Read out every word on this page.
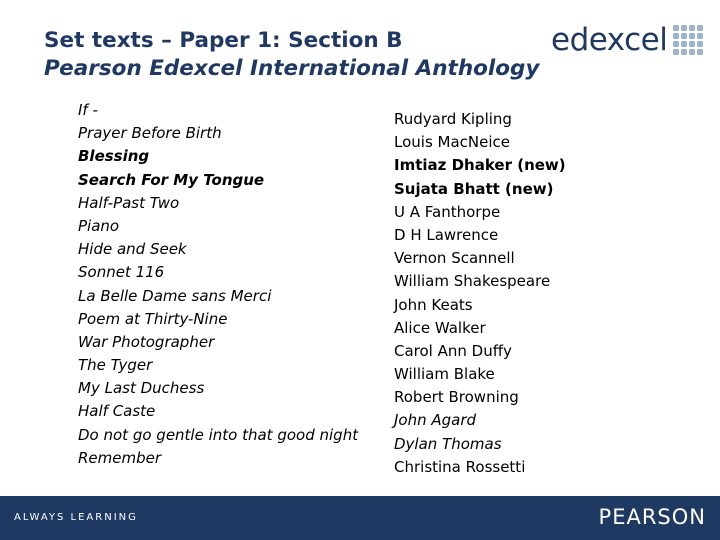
Set texts – Paper 1: Section B
Pearson Edexcel International Anthology
edexcel
If -
Prayer Before Birth
Blessing
Search For My Tongue
Half-Past Two
Piano
Hide and Seek
Sonnet 116
La Belle Dame sans Merci
Poem at Thirty-Nine
War Photographer
The Tyger
My Last Duchess
Half Caste
Do not go gentle into that good night
Remember
Rudyard Kipling
Louis MacNeice
Imtiaz Dhaker (new)
Sujata Bhatt (new)
U A Fanthorpe
D H Lawrence
Vernon Scannell
William Shakespeare
John Keats
Alice Walker
Carol Ann Duffy
William Blake
Robert Browning
John Agard
Dylan Thomas
Christina Rossetti
ALWAYS LEARNING	PEARSON
